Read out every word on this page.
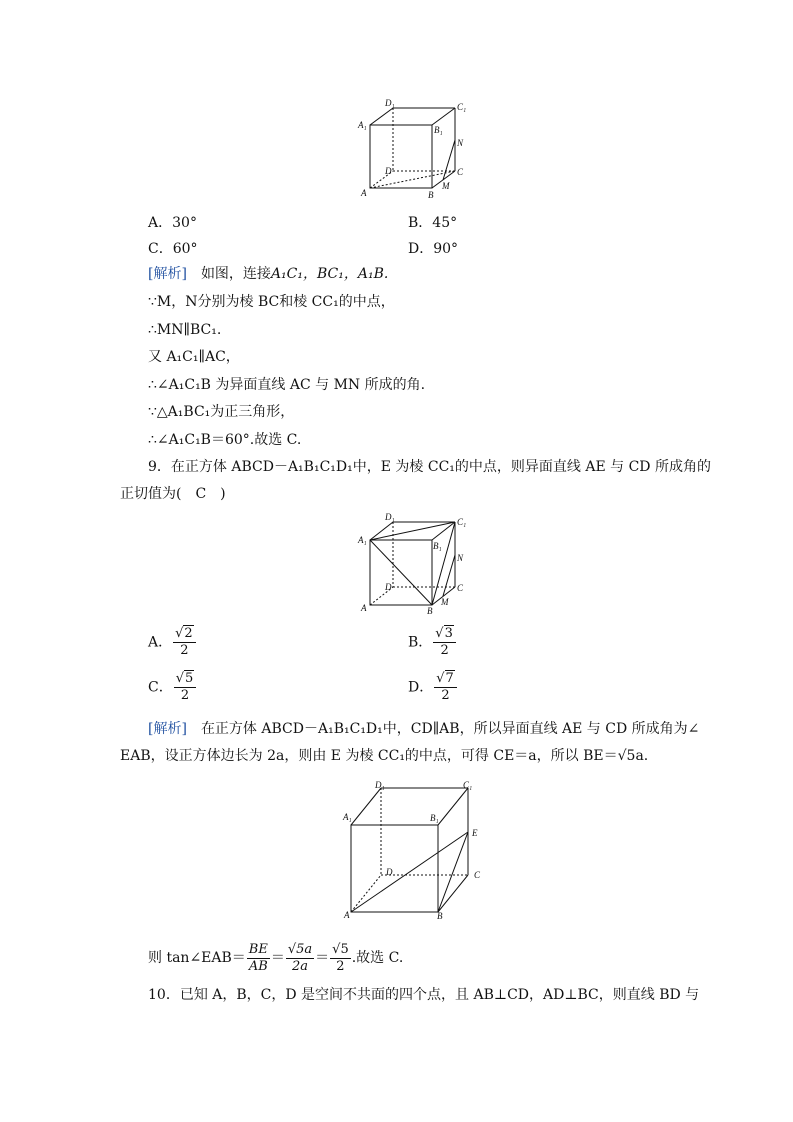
D₁	C₁
A₁	B₁
N
D	C
M
A	B
A．30°	B．45°
C．60°	D．90°
[解析]　 如图，连接A₁C₁，BC₁，A₁B.
∵M，N分别为棱 BC和棱 CC₁的中点，
∴MN∥BC₁.
又 A₁C₁∥AC，
∴∠A₁C₁B 为异面直线 AC 与 MN 所成的角.
∵△A₁BC₁为正三角形，
∴∠A₁C₁B＝60°.故选 C.
9．在正方体 ABCD－A₁B₁C₁D₁中，E 为棱 CC₁的中点，则异面直线 AE 与 CD 所成角的
正切值为(　C　)
D₁	C₁
A₁
B₁
N
D	C
M
A	B
A． $\frac{√2}{2}$	B． $\frac{√3}{2}$
C． $\frac{√5}{2}$	D． $\frac{√7}{2}$
[解析]　 在正方体 ABCD－A₁B₁C₁D₁中，CD∥AB，所以异面直线 AE 与 CD 所成角为∠
EAB，设正方体边长为 2a，则由 E 为棱 CC₁的中点，可得 CE＝a，所以 BE＝√5a.
D₁	C₁
A₁	B₁
E
D	C
A	B
则 tan∠EAB＝ $\frac{BE}{AB} = \frac{√5a}{2a} = \frac{√5}{2}$ .故选 C.
10．已知 A，B，C，D 是空间不共面的四个点，且 AB⊥CD，AD⊥BC，则直线 BD 与
